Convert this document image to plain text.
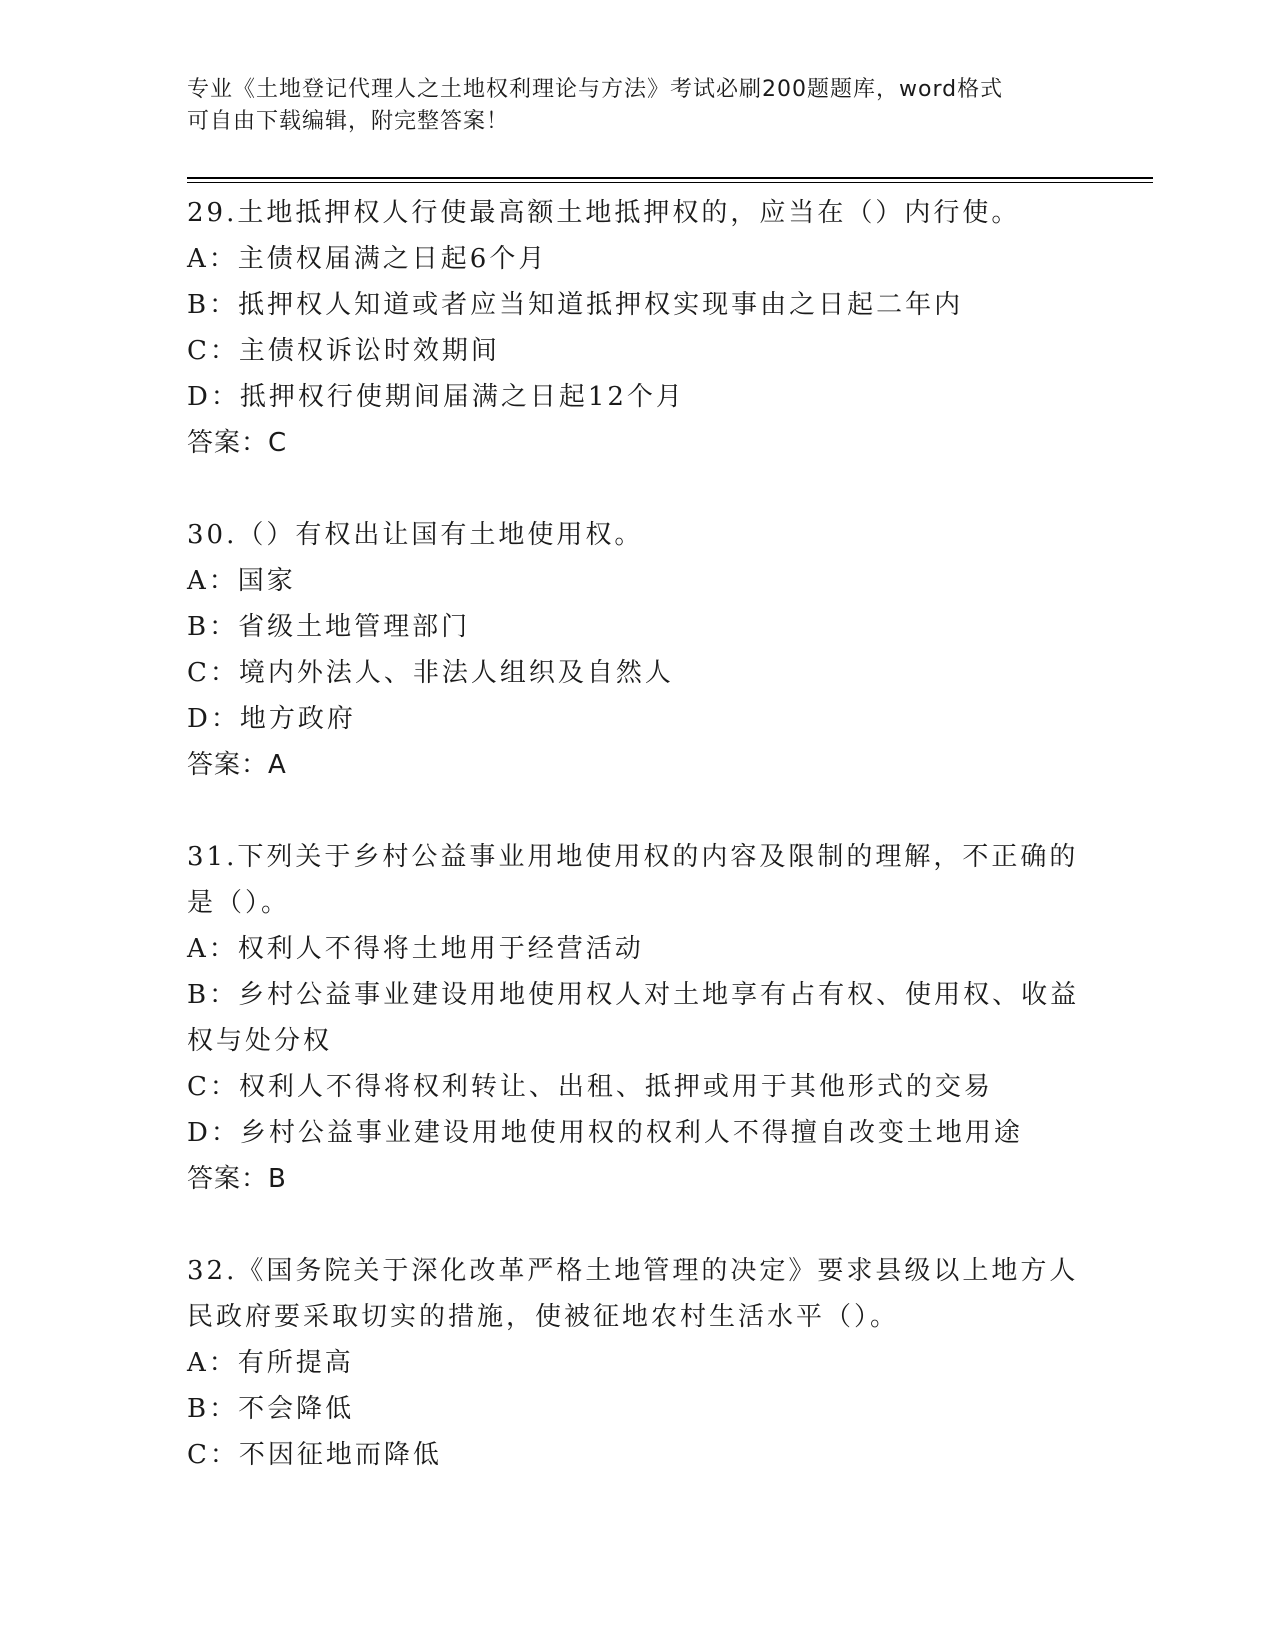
专业《土地登记代理人之土地权利理论与方法》考试必刷200题题库，word格式
可自由下载编辑，附完整答案！
29.土地抵押权人行使最高额土地抵押权的，应当在（）内行使。
A：主债权届满之日起6个月
B：抵押权人知道或者应当知道抵押权实现事由之日起二年内
C：主债权诉讼时效期间
D：抵押权行使期间届满之日起12个月
答案：C
30.（）有权出让国有土地使用权。
A：国家
B：省级土地管理部门
C：境内外法人、非法人组织及自然人
D：地方政府
答案：A
31.下列关于乡村公益事业用地使用权的内容及限制的理解，不正确的
是（）。
A：权利人不得将土地用于经营活动
B：乡村公益事业建设用地使用权人对土地享有占有权、使用权、收益
权与处分权
C：权利人不得将权利转让、出租、抵押或用于其他形式的交易
D：乡村公益事业建设用地使用权的权利人不得擅自改变土地用途
答案：B
32.《国务院关于深化改革严格土地管理的决定》要求县级以上地方人
民政府要采取切实的措施，使被征地农村生活水平（）。
A：有所提高
B：不会降低
C：不因征地而降低
